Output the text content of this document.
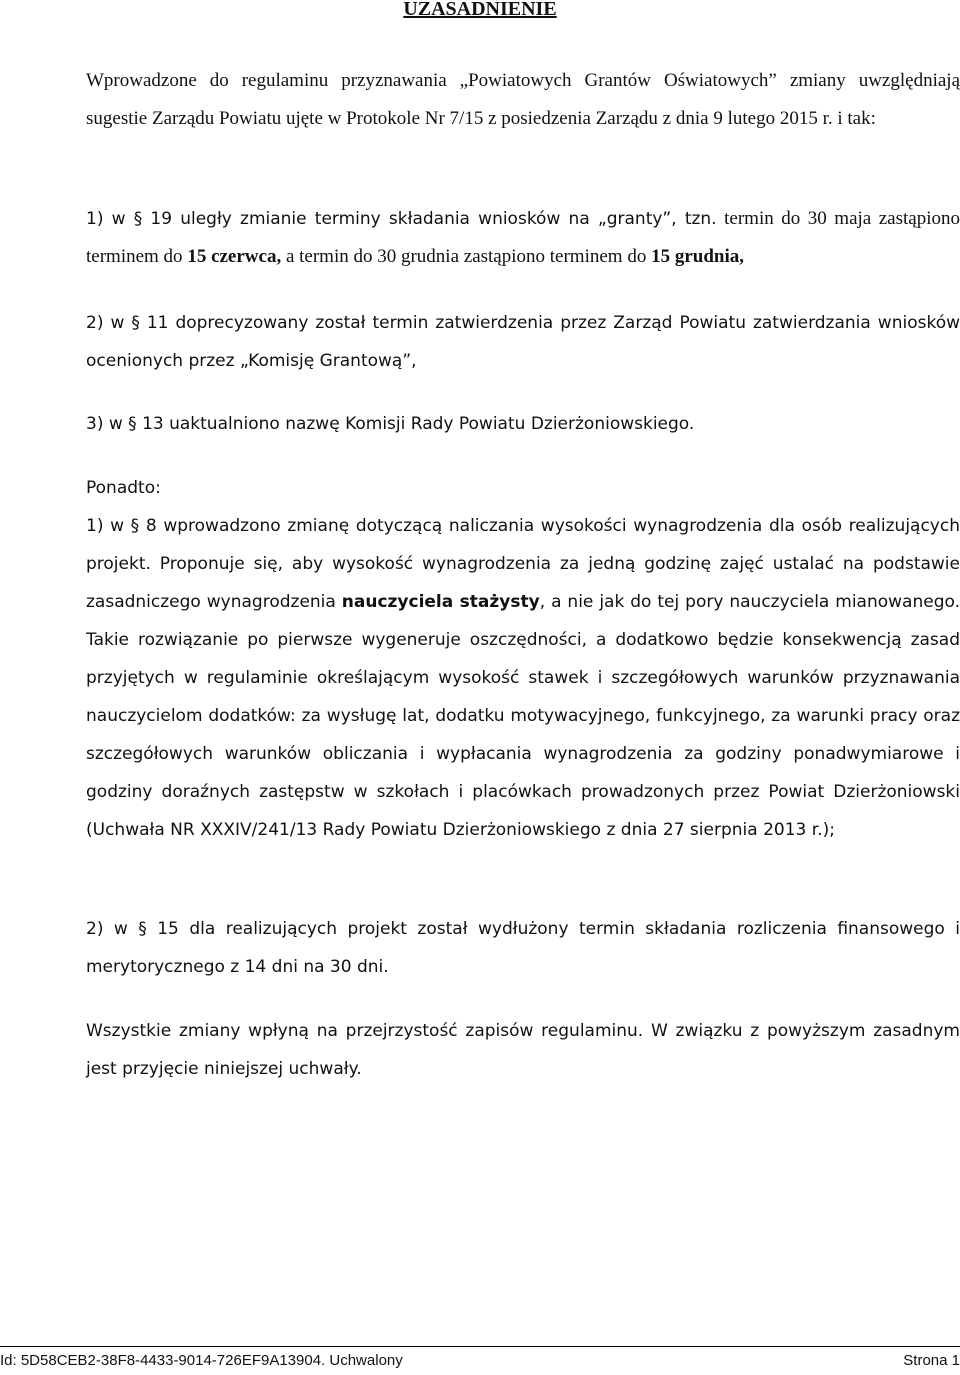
UZASADNIENIE

Wprowadzone do regulaminu przyznawania „Powiatowych Grantów Oświatowych” zmiany uwzględniają sugestie Zarządu Powiatu ujęte w Protokole Nr 7/15 z posiedzenia Zarządu z dnia 9 lutego 2015 r. i tak:

1) w § 19 uległy zmianie terminy składania wniosków na „granty”, tzn. termin do 30 maja zastąpiono terminem do 15 czerwca, a termin do 30 grudnia zastąpiono terminem do 15 grudnia,

2) w § 11 doprecyzowany został termin zatwierdzenia przez Zarząd Powiatu zatwierdzania wniosków ocenionych przez „Komisję Grantową”,

3) w § 13 uaktualniono nazwę Komisji Rady Powiatu Dzierżoniowskiego.

Ponadto:

1) w § 8 wprowadzono zmianę dotyczącą naliczania wysokości wynagrodzenia dla osób realizujących projekt. Proponuje się, aby wysokość wynagrodzenia za jedną godzinę zajęć ustalać na podstawie zasadniczego wynagrodzenia nauczyciela stażysty, a nie jak do tej pory nauczyciela mianowanego. Takie rozwiązanie po pierwsze wygeneruje oszczędności, a dodatkowo będzie konsekwencją zasad przyjętych w regulaminie określającym wysokość stawek i szczegółowych warunków przyznawania nauczycielom dodatków: za wysługę lat, dodatku motywacyjnego, funkcyjnego, za warunki pracy oraz szczegółowych warunków obliczania i wypłacania wynagrodzenia za godziny ponadwymiarowe i godziny doraźnych zastępstw w szkołach i placówkach prowadzonych przez Powiat Dzierżoniowski (Uchwała NR XXXIV/241/13 Rady Powiatu Dzierżoniowskiego z dnia 27 sierpnia 2013 r.);

2) w § 15 dla realizujących projekt został wydłużony termin składania rozliczenia finansowego i merytorycznego z 14 dni na 30 dni.

Wszystkie zmiany wpłyną na przejrzystość zapisów regulaminu. W związku z powyższym zasadnym jest przyjęcie niniejszej uchwały.

Id: 5D58CEB2-38F8-4433-9014-726EF9A13904. Uchwalony	Strona 1
